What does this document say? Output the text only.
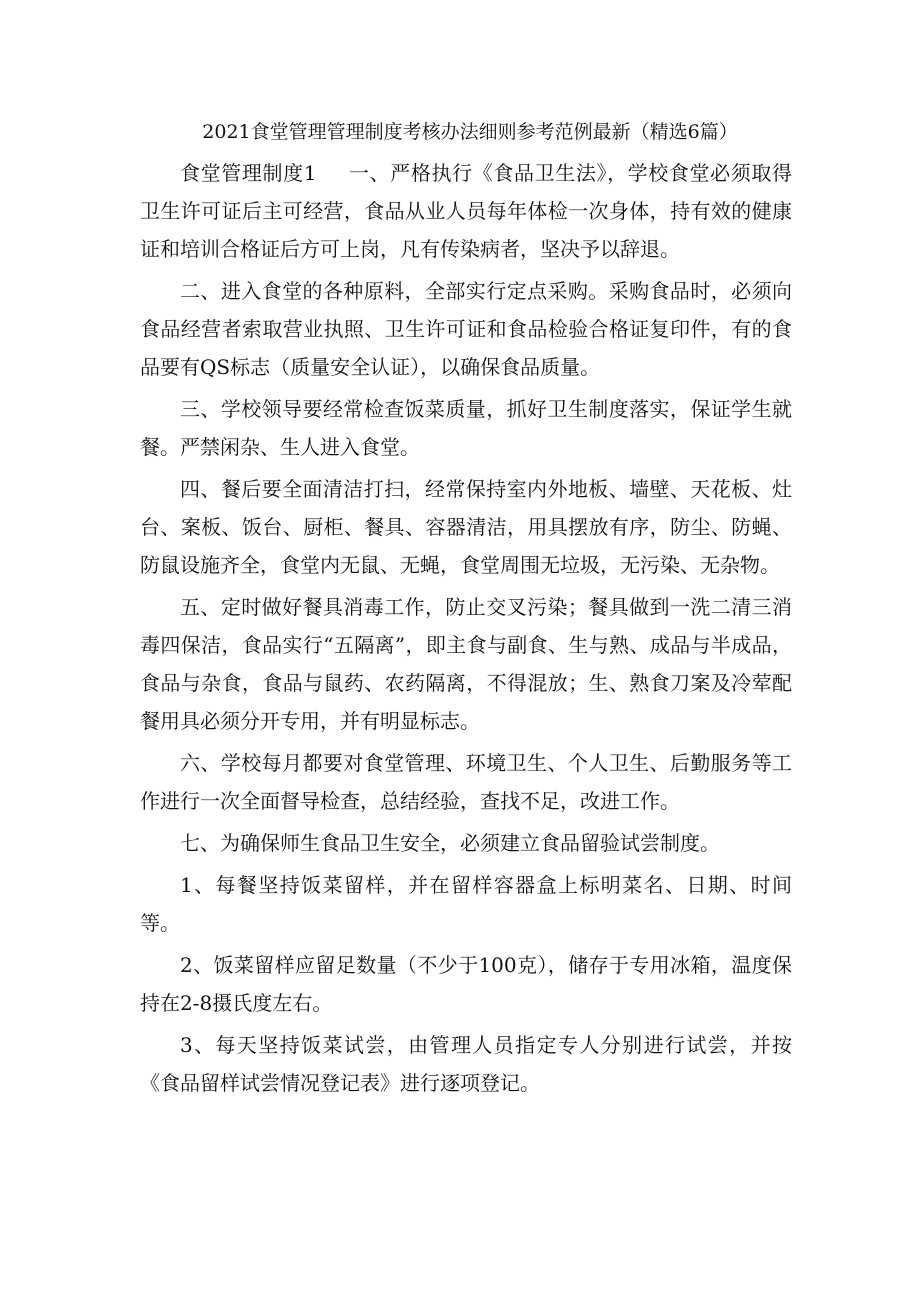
2021食堂管理管理制度考核办法细则参考范例最新（精选6篇）

食堂管理制度1 一、严格执行《食品卫生法》，学校食堂必须取得卫生许可证后主可经营，食品从业人员每年体检一次身体，持有效的健康证和培训合格证后方可上岗，凡有传染病者，坚决予以辞退。

二、进入食堂的各种原料，全部实行定点采购。采购食品时，必须向食品经营者索取营业执照、卫生许可证和食品检验合格证复印件，有的食品要有QS标志（质量安全认证），以确保食品质量。

三、学校领导要经常检查饭菜质量，抓好卫生制度落实，保证学生就餐。严禁闲杂、生人进入食堂。

四、餐后要全面清洁打扫，经常保持室内外地板、墙壁、天花板、灶台、案板、饭台、厨柜、餐具、容器清洁，用具摆放有序，防尘、防蝇、防鼠设施齐全，食堂内无鼠、无蝇，食堂周围无垃圾，无污染、无杂物。

五、定时做好餐具消毒工作，防止交叉污染；餐具做到一洗二清三消毒四保洁，食品实行“五隔离”，即主食与副食、生与熟、成品与半成品，食品与杂食，食品与鼠药、农药隔离，不得混放；生、熟食刀案及冷荤配餐用具必须分开专用，并有明显标志。

六、学校每月都要对食堂管理、环境卫生、个人卫生、后勤服务等工作进行一次全面督导检查，总结经验，查找不足，改进工作。

七、为确保师生食品卫生安全，必须建立食品留验试尝制度。

1、每餐坚持饭菜留样，并在留样容器盒上标明菜名、日期、时间等。

2、饭菜留样应留足数量（不少于100克），储存于专用冰箱，温度保持在2-8摄氏度左右。

3、每天坚持饭菜试尝，由管理人员指定专人分别进行试尝，并按《食品留样试尝情况登记表》进行逐项登记。
